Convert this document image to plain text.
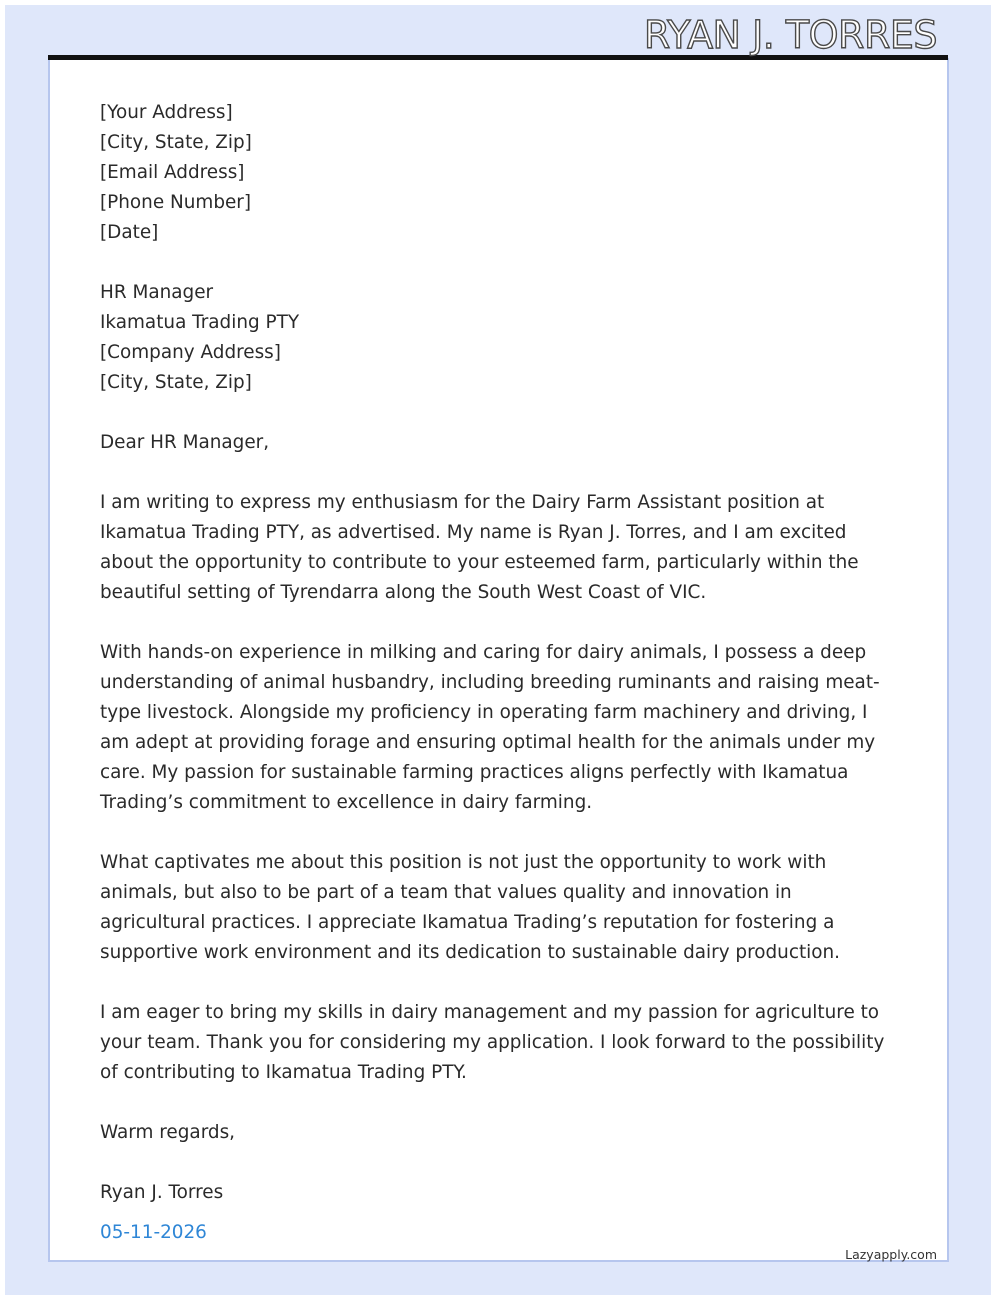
RYAN J. TORRES
[Your Address]
[City, State, Zip]
[Email Address]
[Phone Number]
[Date]
HR Manager
Ikamatua Trading PTY
[Company Address]
[City, State, Zip]
Dear HR Manager,
I am writing to express my enthusiasm for the Dairy Farm Assistant position at Ikamatua Trading PTY, as advertised. My name is Ryan J. Torres, and I am excited about the opportunity to contribute to your esteemed farm, particularly within the beautiful setting of Tyrendarra along the South West Coast of VIC.
With hands-on experience in milking and caring for dairy animals, I possess a deep understanding of animal husbandry, including breeding ruminants and raising meat-type livestock. Alongside my proficiency in operating farm machinery and driving, I am adept at providing forage and ensuring optimal health for the animals under my care. My passion for sustainable farming practices aligns perfectly with Ikamatua Trading’s commitment to excellence in dairy farming.
What captivates me about this position is not just the opportunity to work with animals, but also to be part of a team that values quality and innovation in agricultural practices. I appreciate Ikamatua Trading’s reputation for fostering a supportive work environment and its dedication to sustainable dairy production.
I am eager to bring my skills in dairy management and my passion for agriculture to your team. Thank you for considering my application. I look forward to the possibility of contributing to Ikamatua Trading PTY.
Warm regards,
Ryan J. Torres
05-11-2026
Lazyapply.com
